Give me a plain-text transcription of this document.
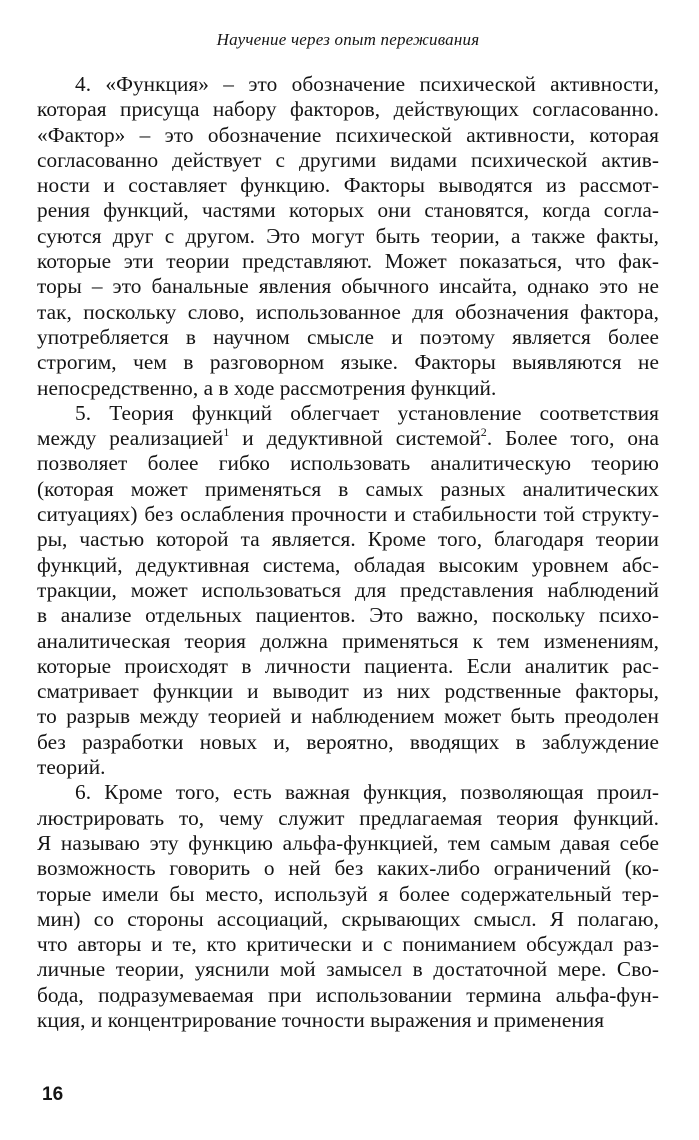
Научение через опыт переживания
4. «Функция» – это обозначение психической активности,
которая присуща набору факторов, действующих согласованно.
«Фактор» – это обозначение психической активности, которая
согласованно действует с другими видами психической актив-
ности и составляет функцию. Факторы выводятся из рассмот-
рения функций, частями которых они становятся, когда согла-
суются друг с другом. Это могут быть теории, а также факты,
которые эти теории представляют. Может показаться, что фак-
торы – это банальные явления обычного инсайта, однако это не
так, поскольку слово, использованное для обозначения фактора,
употребляется в научном смысле и поэтому является более
строгим, чем в разговорном языке. Факторы выявляются не
непосредственно, а в ходе рассмотрения функций.
5. Теория функций облегчает установление соответствия
между реализацией$^1$ и дедуктивной системой$^2$. Более того, она
позволяет более гибко использовать аналитическую теорию
(которая может применяться в самых разных аналитических
ситуациях) без ослабления прочности и стабильности той структу-
ры, частью которой та является. Кроме того, благодаря теории
функций, дедуктивная система, обладая высоким уровнем абс-
тракции, может использоваться для представления наблюдений
в анализе отдельных пациентов. Это важно, поскольку психо-
аналитическая теория должна применяться к тем изменениям,
которые происходят в личности пациента. Если аналитик рас-
сматривает функции и выводит из них родственные факторы,
то разрыв между теорией и наблюдением может быть преодолен
без разработки новых и, вероятно, вводящих в заблуждение
теорий.
6. Кроме того, есть важная функция, позволяющая проил-
люстрировать то, чему служит предлагаемая теория функций.
Я называю эту функцию альфа-функцией, тем самым давая себе
возможность говорить о ней без каких-либо ограничений (ко-
торые имели бы место, используй я более содержательный тер-
мин) со стороны ассоциаций, скрывающих смысл. Я полагаю,
что авторы и те, кто критически и с пониманием обсуждал раз-
личные теории, уяснили мой замысел в достаточной мере. Сво-
бода, подразумеваемая при использовании термина альфа-фун-
кция, и концентрирование точности выражения и применения
16
